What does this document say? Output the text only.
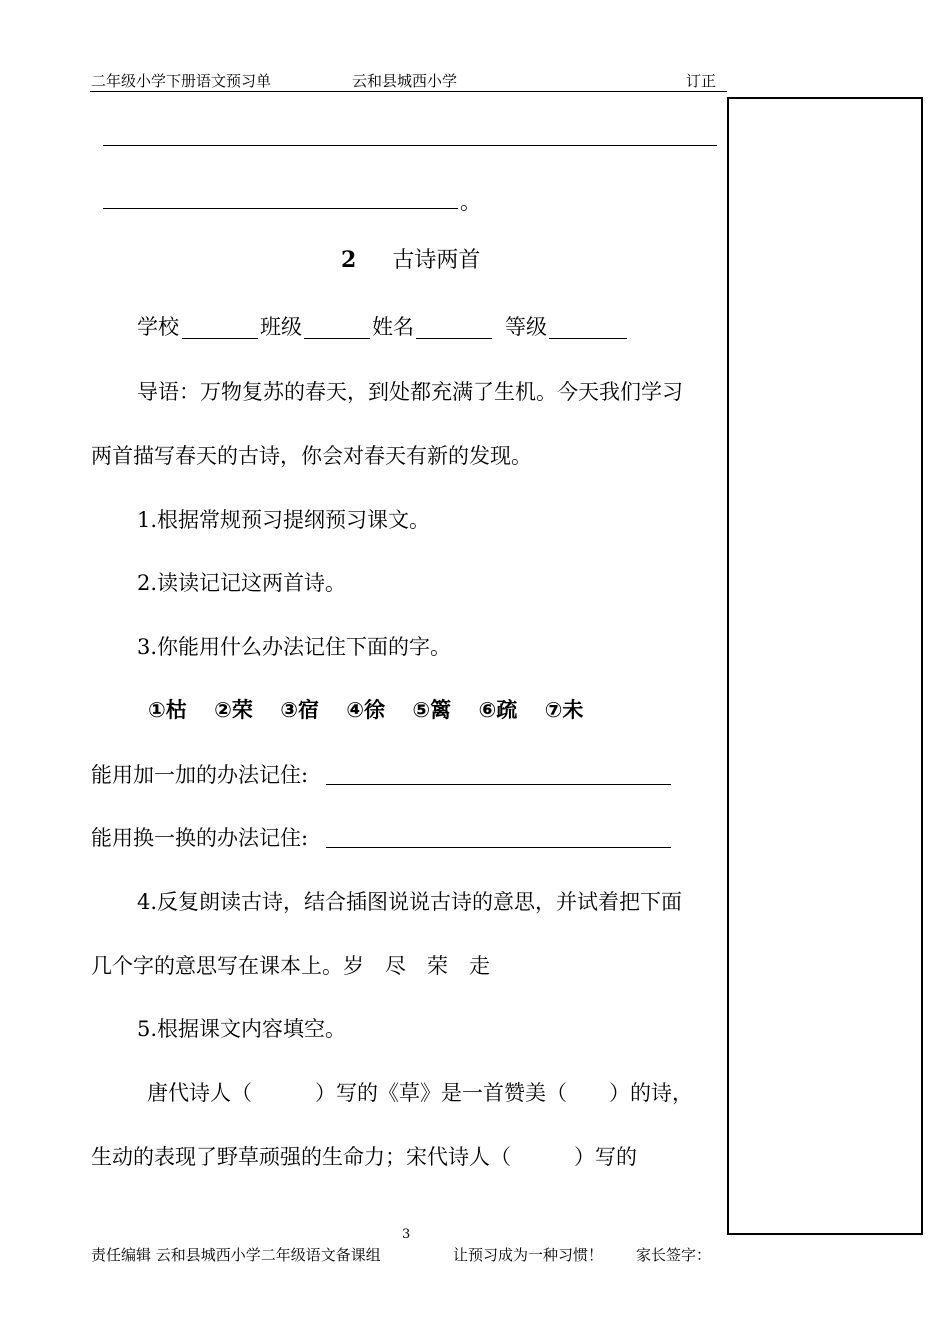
二年级小学下册语文预习单	云和县城西小学	订正
。
2 古诗两首
学校	班级	姓名	等级
导语：万物复苏的春天，到处都充满了生机。今天我们学习
两首描写春天的古诗，你会对春天有新的发现。
1.根据常规预习提纲预习课文。
2.读读记记这两首诗。
3.你能用什么办法记住下面的字。
①枯 ②荣 ③宿 ④徐 ⑤篱 ⑥疏 ⑦未
能用加一加的办法记住:
能用换一换的办法记住:
4.反复朗读古诗，结合插图说说古诗的意思，并试着把下面
几个字的意思写在课本上。岁　尽　荣　走
5.根据课文内容填空。
唐代诗人（　　　）写的《草》是一首赞美（　　）的诗，
生动的表现了野草顽强的生命力；宋代诗人（　　　）写的
3
责任编辑 云和县城西小学二年级语文备课组	让预习成为一种习惯！ 家长签字：
